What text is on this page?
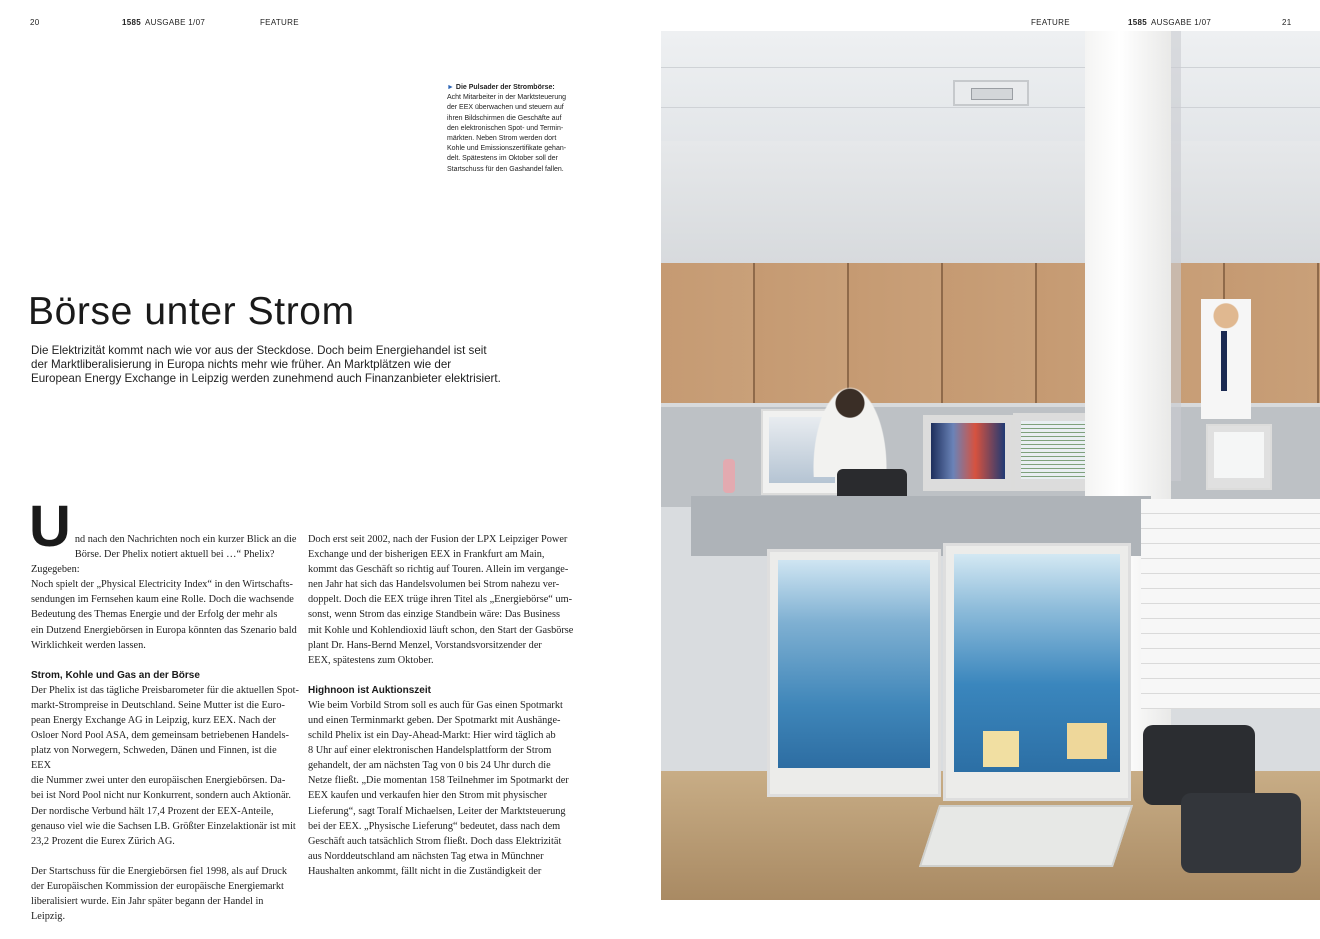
20	1585 AUSGABE 1/07	FEATURE	FEATURE	1585 AUSGABE 1/07	21
► Die Pulsader der Strombörse:
Acht Mitarbeiter in der Marktsteuerung
der EEX überwachen und steuern auf
ihren Bildschirmen die Geschäfte auf
den elektronischen Spot- und Termin-
märkten. Neben Strom werden dort
Kohle und Emissionszertifikate gehan-
delt. Spätestens im Oktober soll der
Startschuss für den Gashandel fallen.
Börse unter Strom
Die Elektrizität kommt nach wie vor aus der Steckdose. Doch beim Energiehandel ist seit
der Marktliberalisierung in Europa nichts mehr wie früher. An Marktplätzen wie der
European Energy Exchange in Leipzig werden zunehmend auch Finanzanbieter elektrisiert.

U nd nach den Nachrichten noch ein kurzer Blick an die
Börse. Der Phelix notiert aktuell bei …“ Phelix? Zugegeben:
Noch spielt der „Physical Electricity Index“ in den Wirtschafts-
sendungen im Fernsehen kaum eine Rolle. Doch die wachsende
Bedeutung des Themas Energie und der Erfolg der mehr als
ein Dutzend Energiebörsen in Europa könnten das Szenario bald
Wirklichkeit werden lassen.

Strom, Kohle und Gas an der Börse

Der Phelix ist das tägliche Preisbarometer für die aktuellen Spot-
markt-Strompreise in Deutschland. Seine Mutter ist die Euro-
pean Energy Exchange AG in Leipzig, kurz EEX. Nach der
Osloer Nord Pool ASA, dem gemeinsam betriebenen Handels-
platz von Norwegern, Schweden, Dänen und Finnen, ist die EEX
die Nummer zwei unter den europäischen Energiebörsen. Da-
bei ist Nord Pool nicht nur Konkurrent, sondern auch Aktionär.
Der nordische Verbund hält 17,4 Prozent der EEX-Anteile,
genauso viel wie die Sachsen LB. Größter Einzelaktionär ist mit
23,2 Prozent die Eurex Zürich AG.

Der Startschuss für die Energiebörsen fiel 1998, als auf Druck
der Europäischen Kommission der europäische Energiemarkt
liberalisiert wurde. Ein Jahr später begann der Handel in Leipzig.

Doch erst seit 2002, nach der Fusion der LPX Leipziger Power
Exchange und der bisherigen EEX in Frankfurt am Main,
kommt das Geschäft so richtig auf Touren. Allein im vergange-
nen Jahr hat sich das Handelsvolumen bei Strom nahezu ver-
doppelt. Doch die EEX trüge ihren Titel als „Energiebörse“ um-
sonst, wenn Strom das einzige Standbein wäre: Das Business
mit Kohle und Kohlendioxid läuft schon, den Start der Gasbörse
plant Dr. Hans-Bernd Menzel, Vorstandsvorsitzender der
EEX, spätestens zum Oktober.

Highnoon ist Auktionszeit

Wie beim Vorbild Strom soll es auch für Gas einen Spotmarkt
und einen Terminmarkt geben. Der Spotmarkt mit Aushänge-
schild Phelix ist ein Day-Ahead-Markt: Hier wird täglich ab
8 Uhr auf einer elektronischen Handelsplattform der Strom
gehandelt, der am nächsten Tag von 0 bis 24 Uhr durch die
Netze fließt. „Die momentan 158 Teilnehmer im Spotmarkt der
EEX kaufen und verkaufen hier den Strom mit physischer
Lieferung“, sagt Toralf Michaelsen, Leiter der Marktsteuerung
bei der EEX. „Physische Lieferung“ bedeutet, dass nach dem
Geschäft auch tatsächlich Strom fließt. Doch dass Elektrizität
aus Norddeutschland am nächsten Tag etwa in Münchner
Haushalten ankommt, fällt nicht in die Zuständigkeit der
